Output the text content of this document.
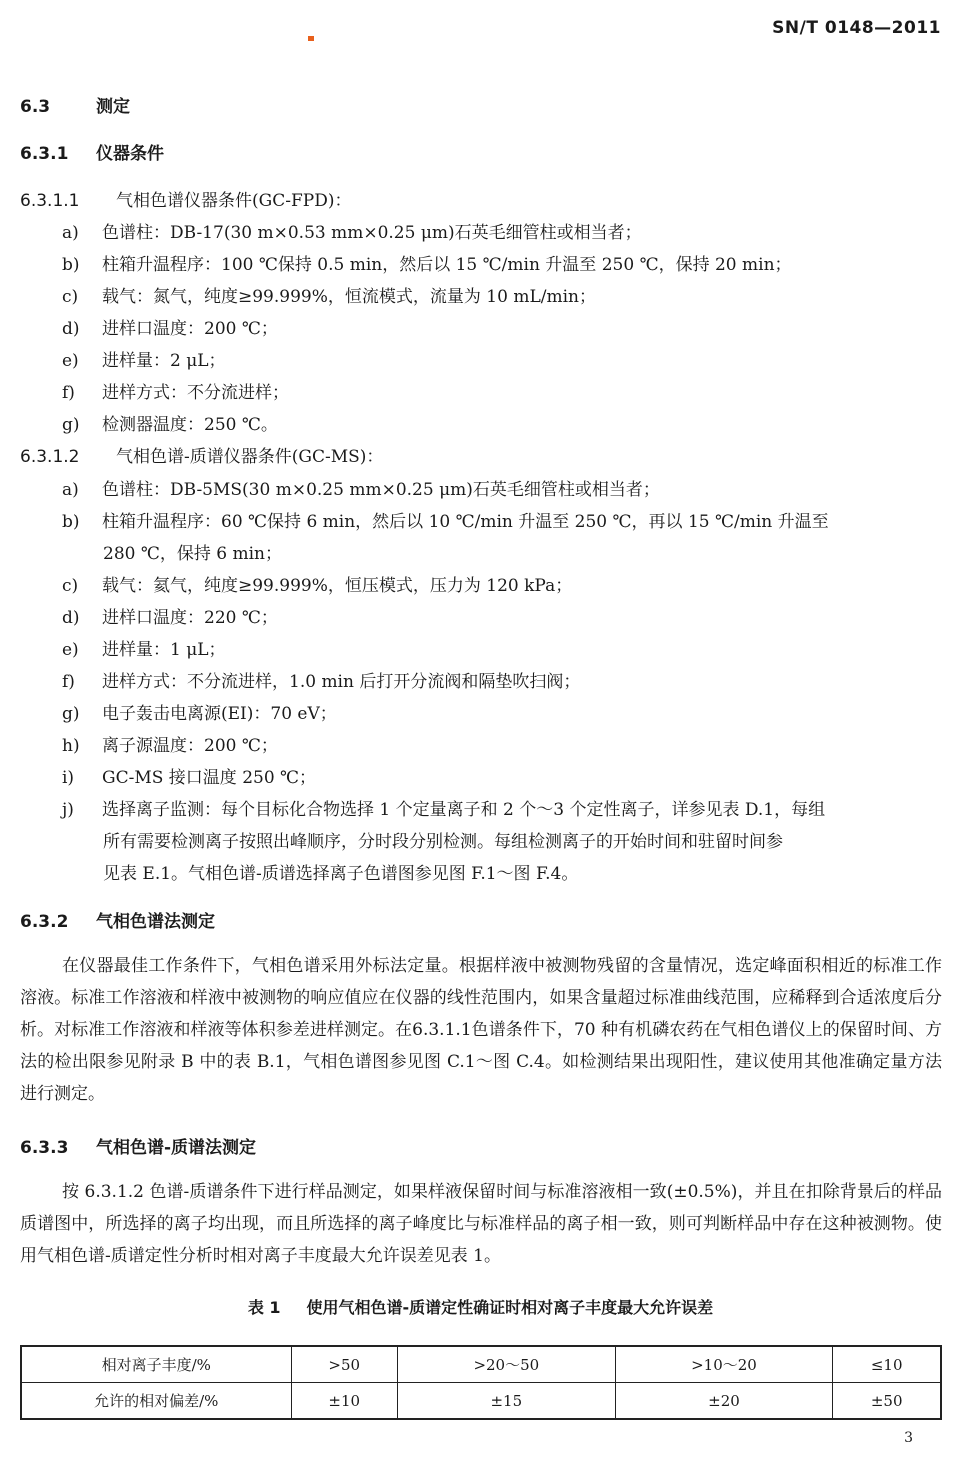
SN/T 0148—2011
6.3	测定
6.3.1 仪器条件
6.3.1.1 气相色谱仪器条件(GC-FPD)：
a) 色谱柱：DB-17(30 m×0.53 mm×0.25 μm)石英毛细管柱或相当者；
b) 柱箱升温程序：100 ℃保持 0.5 min，然后以 15 ℃/min 升温至 250 ℃，保持 20 min；
c) 载气：氮气，纯度≥99.999%，恒流模式，流量为 10 mL/min；
d) 进样口温度：200 ℃；
e) 进样量：2 μL；
f) 进样方式：不分流进样；
g) 检测器温度：250 ℃。
6.3.1.2 气相色谱-质谱仪器条件(GC-MS)：
a) 色谱柱：DB-5MS(30 m×0.25 mm×0.25 μm)石英毛细管柱或相当者；
b) 柱箱升温程序：60 ℃保持 6 min，然后以 10 ℃/min 升温至 250 ℃，再以 15 ℃/min 升温至
280 ℃，保持 6 min；
c) 载气：氦气，纯度≥99.999%，恒压模式，压力为 120 kPa；
d) 进样口温度：220 ℃；
e) 进样量：1 μL；
f) 进样方式：不分流进样，1.0 min 后打开分流阀和隔垫吹扫阀；
g) 电子轰击电离源(EI)：70 eV；
h) 离子源温度：200 ℃；
i) GC-MS 接口温度 250 ℃；
j) 选择离子监测：每个目标化合物选择 1 个定量离子和 2 个～3 个定性离子，详参见表 D.1，每组
所有需要检测离子按照出峰顺序，分时段分别检测。每组检测离子的开始时间和驻留时间参
见表 E.1。气相色谱-质谱选择离子色谱图参见图 F.1～图 F.4。
6.3.2 气相色谱法测定
在仪器最佳工作条件下，气相色谱采用外标法定量。根据样液中被测物残留的含量情况，选定峰面积相近的标准工作溶液。标准工作溶液和样液中被测物的响应值应在仪器的线性范围内，如果含量超过标准曲线范围，应稀释到合适浓度后分析。对标准工作溶液和样液等体积参差进样测定。在6.3.1.1色谱条件下，70 种有机磷农药在气相色谱仪上的保留时间、方法的检出限参见附录 B 中的表 B.1，气相色谱图参见图 C.1～图 C.4。如检测结果出现阳性，建议使用其他准确定量方法进行测定。
6.3.3 气相色谱-质谱法测定
按 6.3.1.2 色谱-质谱条件下进行样品测定，如果样液保留时间与标准溶液相一致(±0.5%)，并且在扣除背景后的样品质谱图中，所选择的离子均出现，而且所选择的离子峰度比与标准样品的离子相一致，则可判断样品中存在这种被测物。使用气相色谱-质谱定性分析时相对离子丰度最大允许误差见表 1。
表 1 使用气相色谱-质谱定性确证时相对离子丰度最大允许误差
相对离子丰度/%	>50	>20～50	>10～20	≤10
允许的相对偏差/%	±10	±15	±20	±50
3
